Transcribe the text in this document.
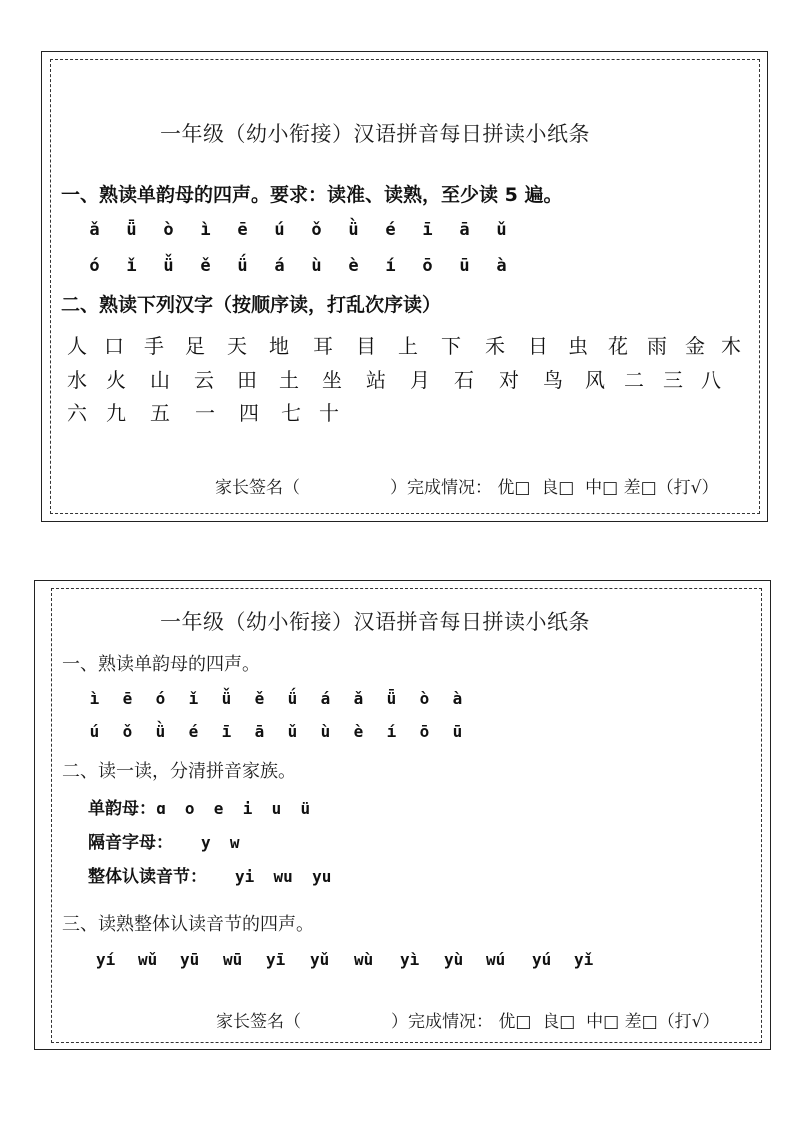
一年级（幼小衔接）汉语拼音每日拼读小纸条
一、熟读单韵母的四声。要求：读准、读熟，至少读 5 遍。
ǎ	ǖ	ò	ì	ē	ú	ǒ	ǜ	é	ī	ā	ǔ
ó	ǐ	ǚ	ě	ǘ	á	ù	è	í	ō	ū	à
二、熟读下列汉字（按顺序读，打乱次序读）
人 口	手	足	天	地	耳	目	上	下	禾	日	虫	花 雨 金 木
水 火	山	云	田	土	坐	站	月	石	对	鸟	风 二 三 八
六 九	五	一	四	七 十
家长签名（	）完成情况： 优□ 良□ 中□ 差□（打√）
一年级（幼小衔接）汉语拼音每日拼读小纸条
一、熟读单韵母的四声。
ì	ē	ó	ǐ	ǚ	ě	ǘ	á	ǎ	ǖ	ò	à
ú	ǒ	ǜ	é	ī	ā	ǔ	ù	è	í	ō	ū
二、读一读，分清拼音家族。
单韵母：ɑ  o  e  i  u  ü
隔音字母： y  w
整体认读音节： yi  wu  yu
三、读熟整体认读音节的四声。
yí	wǔ	yū	wū	yī	yǔ	wù	yì	yù	wú	yú	yǐ
家长签名（	）完成情况： 优□ 良□ 中□ 差□（打√）
